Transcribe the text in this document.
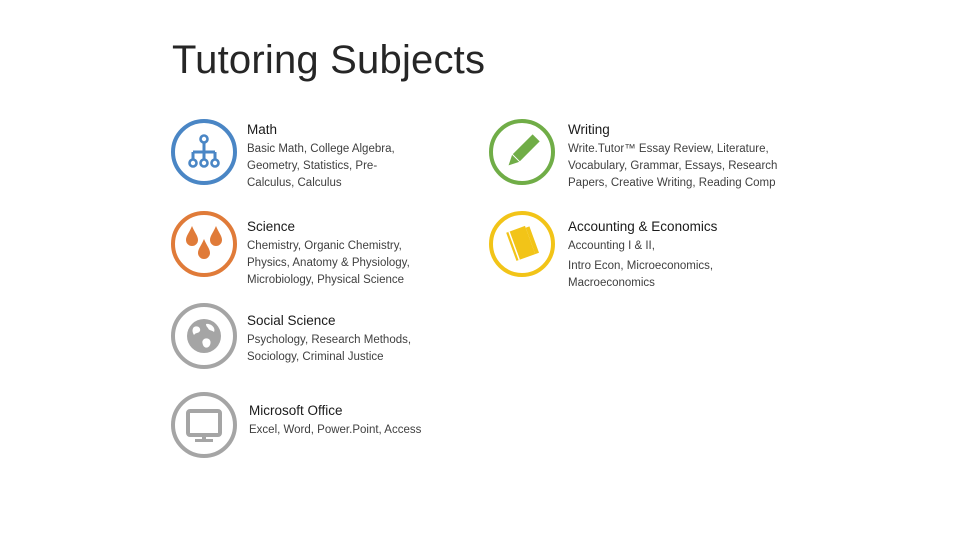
Tutoring Subjects
Math
Basic Math, College Algebra, Geometry, Statistics, Pre-Calculus, Calculus
Writing
Write.Tutor™ Essay Review, Literature, Vocabulary, Grammar, Essays, Research Papers, Creative Writing, Reading Comp
Science
Chemistry, Organic Chemistry, Physics, Anatomy & Physiology, Microbiology, Physical Science
Accounting & Economics
Accounting I & II,
Intro Econ, Microeconomics, Macroeconomics
Social Science
Psychology, Research Methods, Sociology, Criminal Justice
Microsoft Office
Excel, Word, Power.Point, Access
